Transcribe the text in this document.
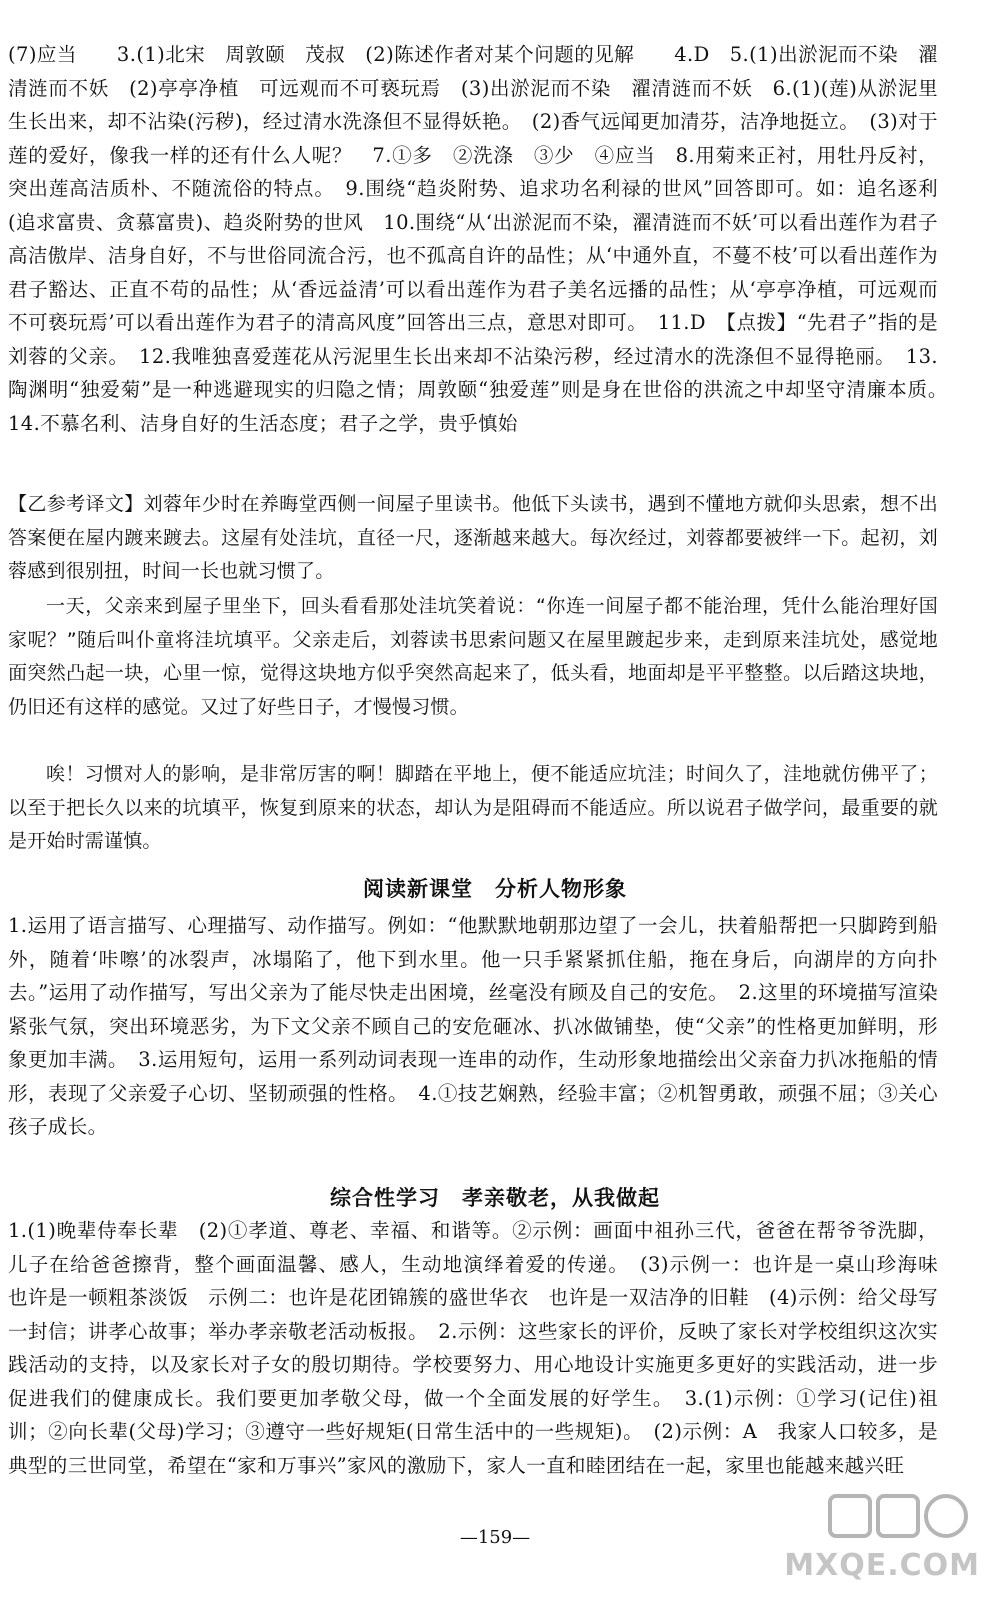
(7)应当　　3.(1)北宋　周敦颐　茂叔　(2)陈述作者对某个问题的见解　　4.D　5.(1)出淤泥而不染　濯清涟而不妖　(2)亭亭净植　可远观而不可亵玩焉　(3)出淤泥而不染　濯清涟而不妖　6.(1)(莲)从淤泥里生长出来，却不沾染(污秽)，经过清水洗涤但不显得妖艳。　(2)香气远闻更加清芬，洁净地挺立。　(3)对于莲的爱好，像我一样的还有什么人呢？　7.①多　②洗涤　③少　④应当　8.用菊来正衬，用牡丹反衬，突出莲高洁质朴、不随流俗的特点。　9.围绕“趋炎附势、追求功名利禄的世风”回答即可。如：追名逐利(追求富贵、贪慕富贵)、趋炎附势的世风　10.围绕“从‘出淤泥而不染，濯清涟而不妖’可以看出莲作为君子高洁傲岸、洁身自好，不与世俗同流合污，也不孤高自许的品性；从‘中通外直，不蔓不枝’可以看出莲作为君子豁达、正直不苟的品性；从‘香远益清’可以看出莲作为君子美名远播的品性；从‘亭亭净植，可远观而不可亵玩焉’可以看出莲作为君子的清高风度”回答出三点，意思对即可。　11.D　【点拨】“先君子”指的是刘蓉的父亲。　12.我唯独喜爱莲花从污泥里生长出来却不沾染污秽，经过清水的洗涤但不显得艳丽。　13.陶渊明“独爱菊”是一种逃避现实的归隐之情；周敦颐“独爱莲”则是身在世俗的洪流之中却坚守清廉本质。　14.不慕名利、洁身自好的生活态度；君子之学，贵乎慎始
【乙参考译文】刘蓉年少时在养晦堂西侧一间屋子里读书。他低下头读书，遇到不懂地方就仰头思索，想不出答案便在屋内踱来踱去。这屋有处洼坑，直径一尺，逐渐越来越大。每次经过，刘蓉都要被绊一下。起初，刘蓉感到很别扭，时间一长也就习惯了。
一天，父亲来到屋子里坐下，回头看看那处洼坑笑着说：“你连一间屋子都不能治理，凭什么能治理好国家呢？”随后叫仆童将洼坑填平。父亲走后，刘蓉读书思索问题又在屋里踱起步来，走到原来洼坑处，感觉地面突然凸起一块，心里一惊，觉得这块地方似乎突然高起来了，低头看，地面却是平平整整。以后踏这块地，仍旧还有这样的感觉。又过了好些日子，才慢慢习惯。
唉！习惯对人的影响，是非常厉害的啊！脚踏在平地上，便不能适应坑洼；时间久了，洼地就仿佛平了；以至于把长久以来的坑填平，恢复到原来的状态，却认为是阻碍而不能适应。所以说君子做学问，最重要的就是开始时需谨慎。
阅读新课堂　分析人物形象
1.运用了语言描写、心理描写、动作描写。例如：“他默默地朝那边望了一会儿，扶着船帮把一只脚跨到船外，随着‘咔嚓’的冰裂声，冰塌陷了，他下到水里。他一只手紧紧抓住船，拖在身后，向湖岸的方向扑去。”运用了动作描写，写出父亲为了能尽快走出困境，丝毫没有顾及自己的安危。　2.这里的环境描写渲染紧张气氛，突出环境恶劣，为下文父亲不顾自己的安危砸冰、扒冰做铺垫，使“父亲”的性格更加鲜明，形象更加丰满。　3.运用短句，运用一系列动词表现一连串的动作，生动形象地描绘出父亲奋力扒冰拖船的情形，表现了父亲爱子心切、坚韧顽强的性格。　4.①技艺娴熟，经验丰富；②机智勇敢，顽强不屈；③关心孩子成长。
综合性学习　孝亲敬老，从我做起
1.(1)晚辈侍奉长辈　(2)①孝道、尊老、幸福、和谐等。②示例：画面中祖孙三代，爸爸在帮爷爷洗脚，儿子在给爸爸擦背，整个画面温馨、感人，生动地演绎着爱的传递。　(3)示例一：也许是一桌山珍海味　也许是一顿粗茶淡饭　示例二：也许是花团锦簇的盛世华衣　也许是一双洁净的旧鞋　(4)示例：给父母写一封信；讲孝心故事；举办孝亲敬老活动板报。　2.示例：这些家长的评价，反映了家长对学校组织这次实践活动的支持，以及家长对子女的殷切期待。学校要努力、用心地设计实施更多更好的实践活动，进一步促进我们的健康成长。我们要更加孝敬父母，做一个全面发展的好学生。　3.(1)示例：①学习(记住)祖训；②向长辈(父母)学习；③遵守一些好规矩(日常生活中的一些规矩)。　(2)示例：A　我家人口较多，是典型的三世同堂，希望在“家和万事兴”家风的激励下，家人一直和睦团结在一起，家里也能越来越兴旺
—159—
MXQE.COM
